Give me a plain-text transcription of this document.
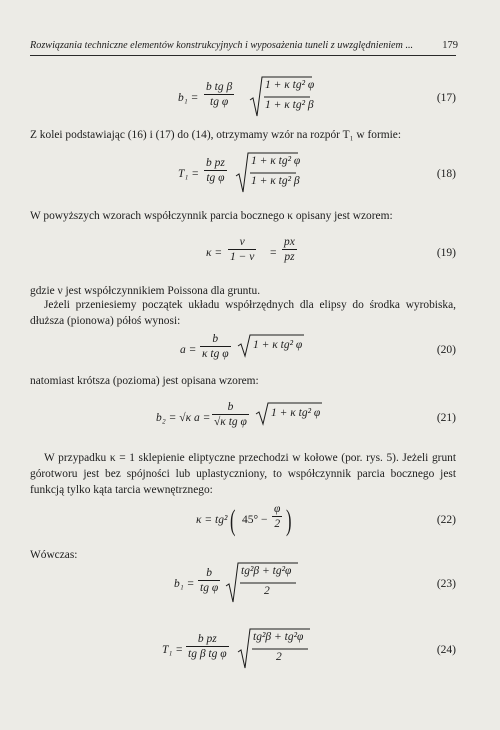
Rozwiązania techniczne elementów konstrukcyjnych i wyposażenia tuneli z uwzględnieniem ...	179
$b_1 = \frac{\text{b tg β}}{\text{tg φ}}$	1 + κ tg² φ
1 + κ tg² β
(17)
Z kolei podstawiając (16) i (17) do (14), otrzymamy wzór na rozpór T₁ w formie:
$T_1 = \frac{\text{b pz}}{\text{tg φ}} 1 + \kappa$ tg² φ
1 + κ tg² β
(18)
W powyższych wzorach współczynnik parcia bocznego κ opisany jest wzorem:
$\kappa = \frac{\nu}{1 - \nu} = \frac{px}{pz}$	(19)
gdzie ν jest współczynnikiem Poissona dla gruntu.
Jeżeli przeniesiemy początek układu współrzędnych dla elipsy do środka wyrobiska, dłuższa (pionowa) półoś wynosi:
$a = \frac{b}{\text{κ tg φ}} 1 + \kappa$ tg² φ	(20)
natomiast krótsza (pozioma) jest opisana wzorem:
b₂ = √κ $a = \frac{b}{\text{√κ tg φ}} 1 + \kappa$ tg² φ	(21)
W przypadku κ = 1 sklepienie eliptyczne przechodzi w kołowe (por. rys. 5). Jeżeli grunt górotworu jest bez spójności lub uplastyczniony, to współczynnik parcia bocznego jest funkcją tylko kąta tarcia wewnętrznego:
κ = tg² ( $45^\circ - \frac{\varphi}{2}$ )	(22)
Wówczas:
$b_1 = \frac{b}{\text{tg φ}} tg^2\beta + tg^2\varphi$
2
(23)
$T_1 = \frac{\text{b pz}}{\text{tg β tg φ}} tg^2\beta + tg^2\varphi$
2
(24)
